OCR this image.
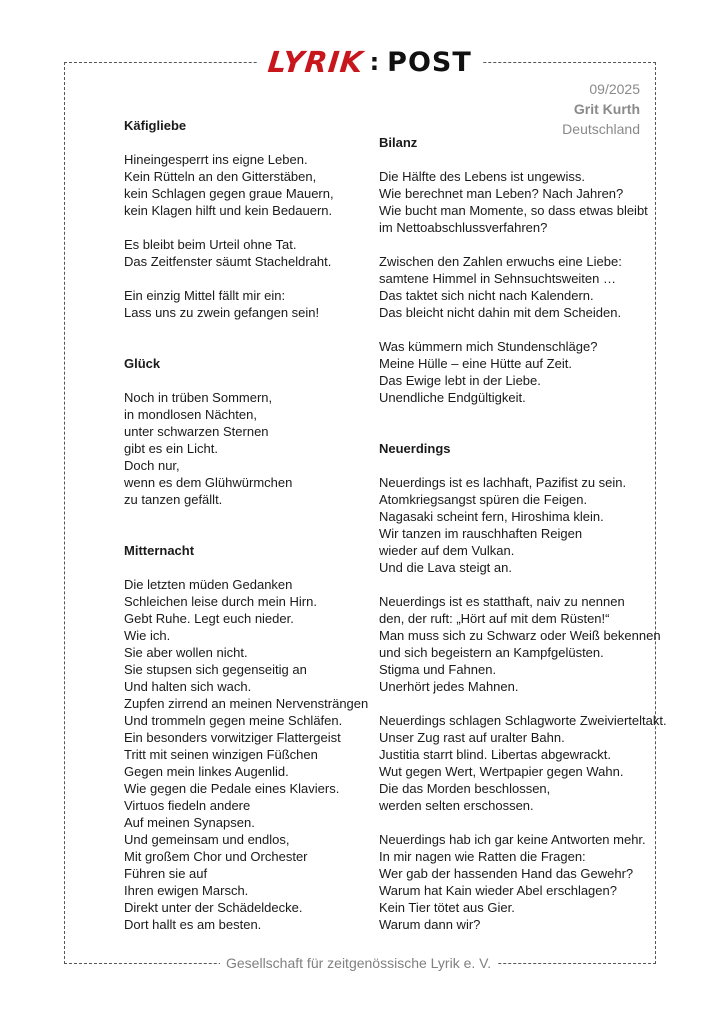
LYRIK : POST
09/2025
Grit Kurth
Deutschland
Käfigliebe
Hineingesperrt ins eigne Leben.
Kein Rütteln an den Gitterstäben,
kein Schlagen gegen graue Mauern,
kein Klagen hilft und kein Bedauern.
Es bleibt beim Urteil ohne Tat.
Das Zeitfenster säumt Stacheldraht.
Ein einzig Mittel fällt mir ein:
Lass uns zu zwein gefangen sein!
Glück
Noch in trüben Sommern,
in mondlosen Nächten,
unter schwarzen Sternen
gibt es ein Licht.
Doch nur,
wenn es dem Glühwürmchen
zu tanzen gefällt.
Mitternacht
Die letzten müden Gedanken
Schleichen leise durch mein Hirn.
Gebt Ruhe. Legt euch nieder.
Wie ich.
Sie aber wollen nicht.
Sie stupsen sich gegenseitig an
Und halten sich wach.
Zupfen zirrend an meinen Nervensträngen
Und trommeln gegen meine Schläfen.
Ein besonders vorwitziger Flattergeist
Tritt mit seinen winzigen Füßchen
Gegen mein linkes Augenlid.
Wie gegen die Pedale eines Klaviers.
Virtuos fiedeln andere
Auf meinen Synapsen.
Und gemeinsam und endlos,
Mit großem Chor und Orchester
Führen sie auf
Ihren ewigen Marsch.
Direkt unter der Schädeldecke.
Dort hallt es am besten.
Bilanz
Die Hälfte des Lebens ist ungewiss.
Wie berechnet man Leben? Nach Jahren?
Wie bucht man Momente, so dass etwas bleibt
im Nettoabschlussverfahren?
Zwischen den Zahlen erwuchs eine Liebe:
samtene Himmel in Sehnsuchtsweiten …
Das taktet sich nicht nach Kalendern.
Das bleicht nicht dahin mit dem Scheiden.
Was kümmern mich Stundenschläge?
Meine Hülle – eine Hütte auf Zeit.
Das Ewige lebt in der Liebe.
Unendliche Endgültigkeit.
Neuerdings
Neuerdings ist es lachhaft, Pazifist zu sein.
Atomkriegsangst spüren die Feigen.
Nagasaki scheint fern, Hiroshima klein.
Wir tanzen im rauschhaften Reigen
wieder auf dem Vulkan.
Und die Lava steigt an.
Neuerdings ist es statthaft, naiv zu nennen
den, der ruft: „Hört auf mit dem Rüsten!“
Man muss sich zu Schwarz oder Weiß bekennen
und sich begeistern an Kampfgelüsten.
Stigma und Fahnen.
Unerhört jedes Mahnen.
Neuerdings schlagen Schlagworte Zweivierteltakt.
Unser Zug rast auf uralter Bahn.
Justitia starrt blind. Libertas abgewrackt.
Wut gegen Wert, Wertpapier gegen Wahn.
Die das Morden beschlossen,
werden selten erschossen.
Neuerdings hab ich gar keine Antworten mehr.
In mir nagen wie Ratten die Fragen:
Wer gab der hassenden Hand das Gewehr?
Warum hat Kain wieder Abel erschlagen?
Kein Tier tötet aus Gier.
Warum dann wir?
Gesellschaft für zeitgenössische Lyrik e. V.
